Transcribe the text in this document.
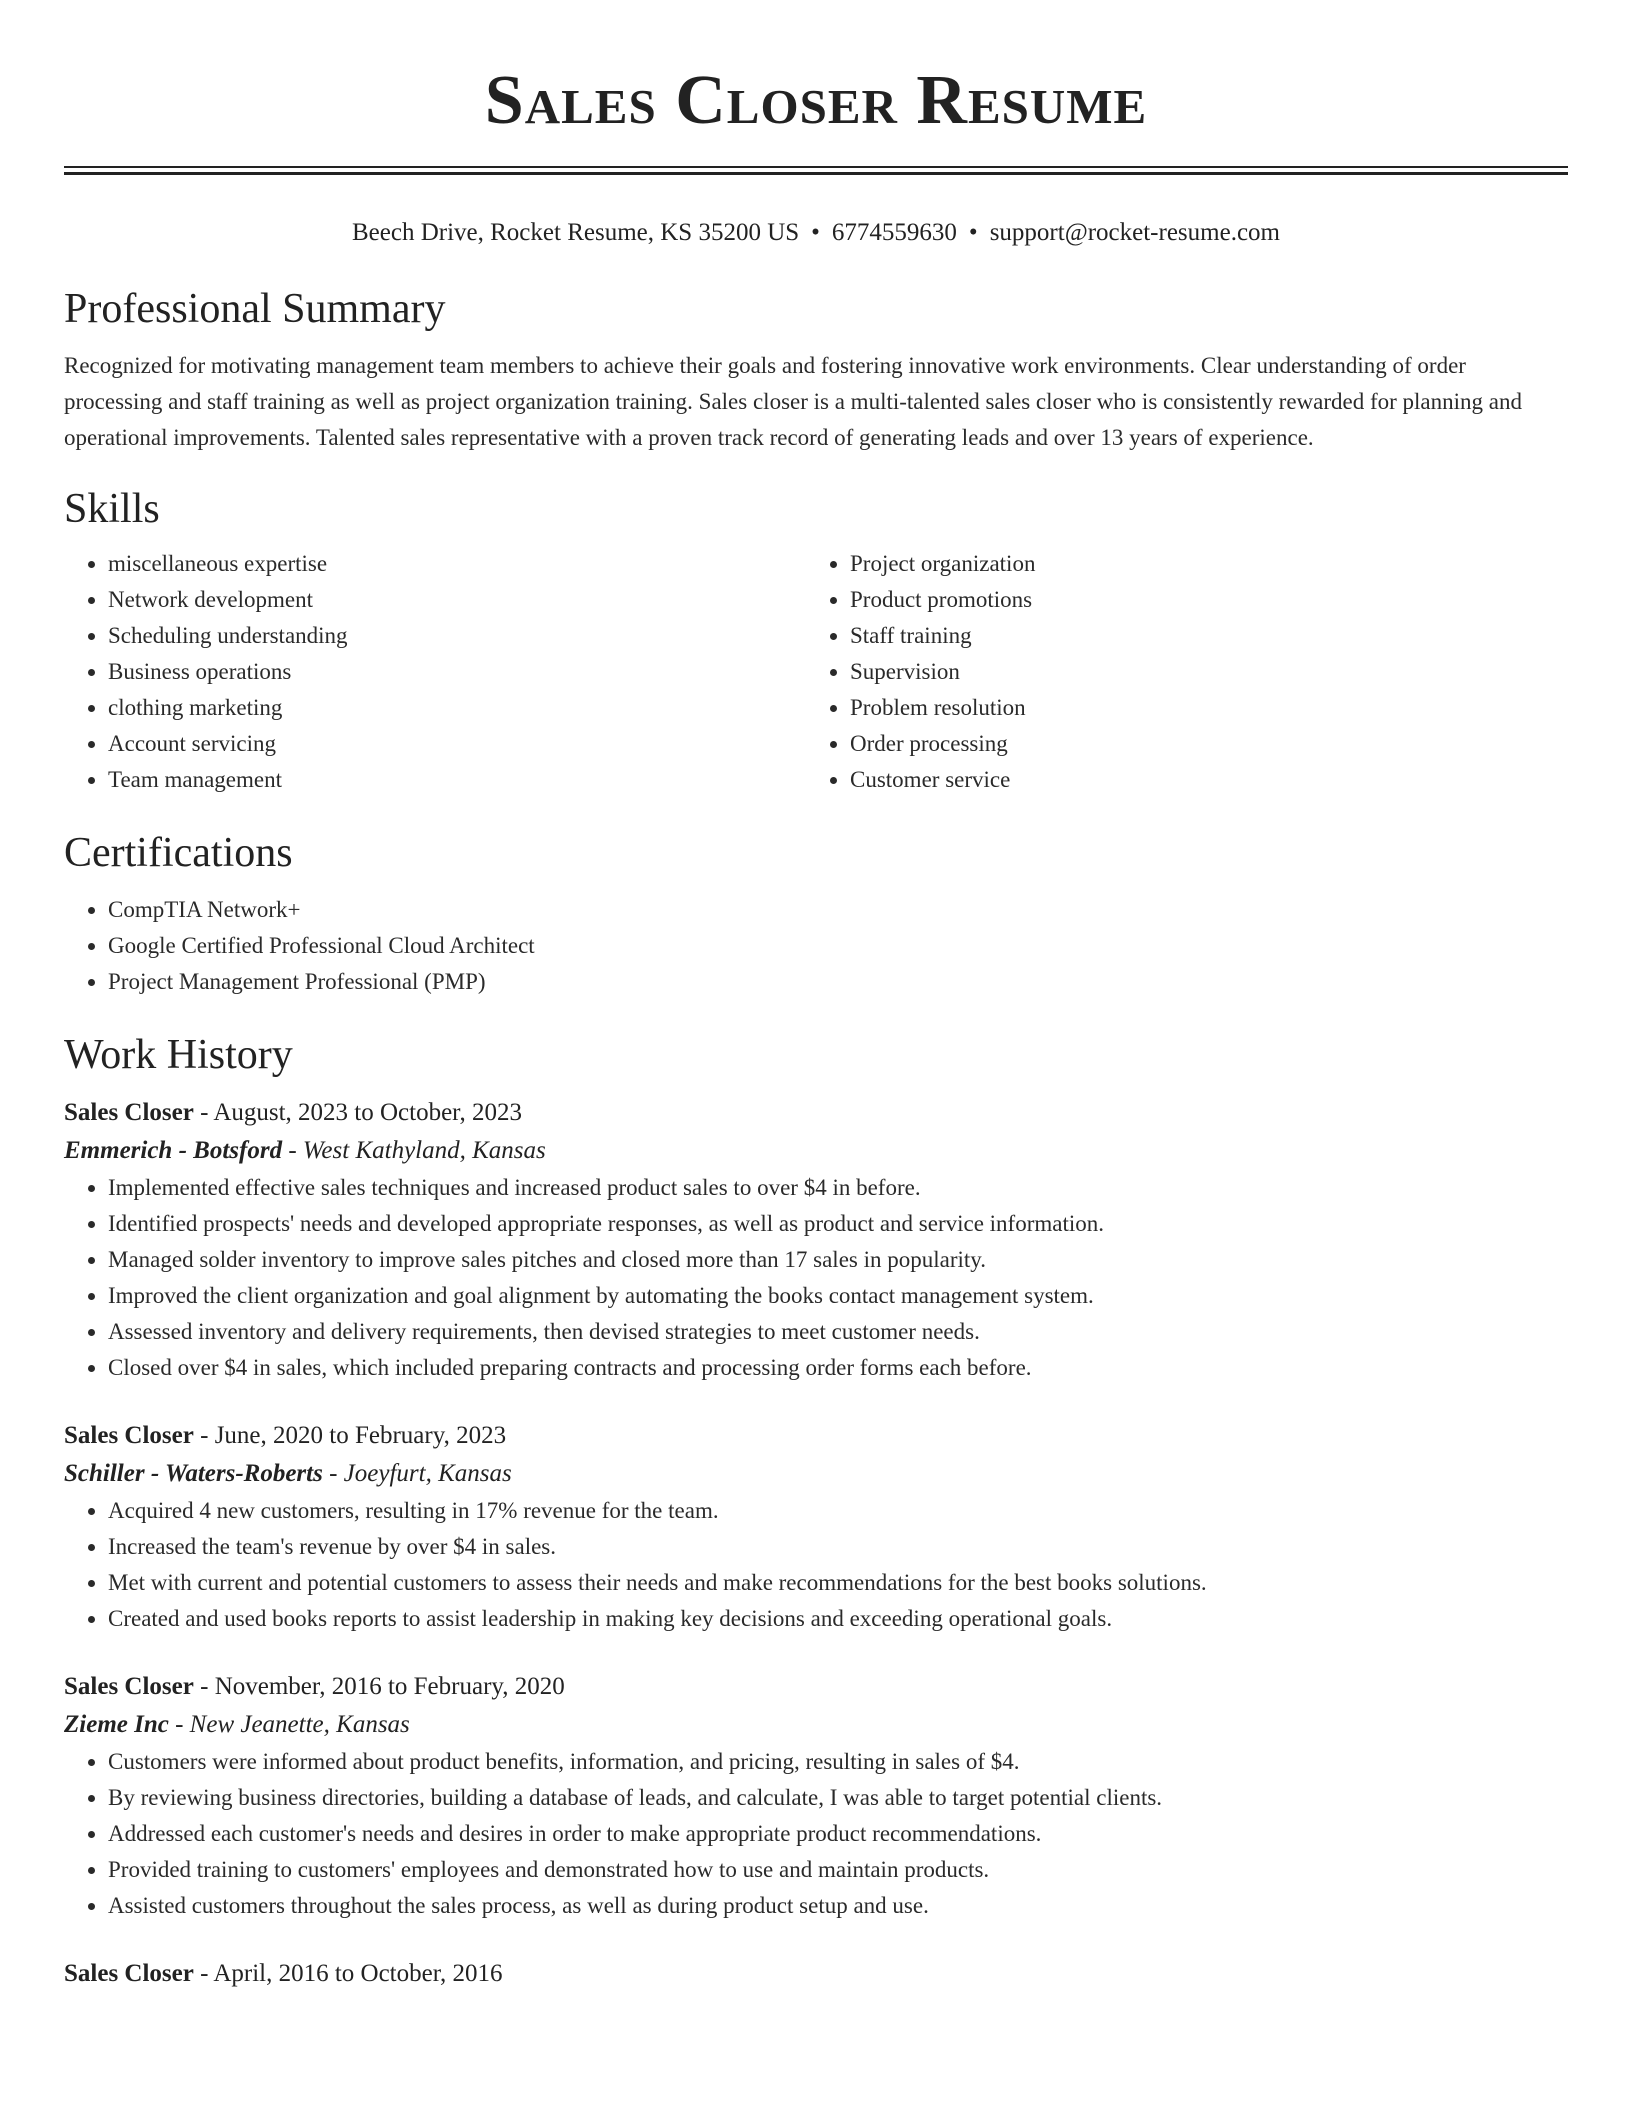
Sales Closer Resume
Beech Drive, Rocket Resume, KS 35200 US • 6774559630 • support@rocket-resume.com
Professional Summary

Recognized for motivating management team members to achieve their goals and fostering innovative work environments. Clear understanding of order processing and staff training as well as project organization training. Sales closer is a multi-talented sales closer who is consistently rewarded for planning and operational improvements. Talented sales representative with a proven track record of generating leads and over 13 years of experience.

Skills
• miscellaneous expertise
• Network development
• Scheduling understanding
• Business operations
• clothing marketing
• Account servicing
• Team management
• Project organization
• Product promotions
• Staff training
• Supervision
• Problem resolution
• Order processing
• Customer service
Certifications
• CompTIA Network+
• Google Certified Professional Cloud Architect
• Project Management Professional (PMP)
Work History
Sales Closer - August, 2023 to October, 2023
Emmerich - Botsford - West Kathyland, Kansas
• Implemented effective sales techniques and increased product sales to over $4 in before.
• Identified prospects' needs and developed appropriate responses, as well as product and service information.
• Managed solder inventory to improve sales pitches and closed more than 17 sales in popularity.
• Improved the client organization and goal alignment by automating the books contact management system.
• Assessed inventory and delivery requirements, then devised strategies to meet customer needs.
• Closed over $4 in sales, which included preparing contracts and processing order forms each before.
Sales Closer - June, 2020 to February, 2023
Schiller - Waters-Roberts - Joeyfurt, Kansas
• Acquired 4 new customers, resulting in 17% revenue for the team.
• Increased the team's revenue by over $4 in sales.
• Met with current and potential customers to assess their needs and make recommendations for the best books solutions.
• Created and used books reports to assist leadership in making key decisions and exceeding operational goals.
Sales Closer - November, 2016 to February, 2020
Zieme Inc - New Jeanette, Kansas
• Customers were informed about product benefits, information, and pricing, resulting in sales of $4.
• By reviewing business directories, building a database of leads, and calculate, I was able to target potential clients.
• Addressed each customer's needs and desires in order to make appropriate product recommendations.
• Provided training to customers' employees and demonstrated how to use and maintain products.
• Assisted customers throughout the sales process, as well as during product setup and use.
Sales Closer - April, 2016 to October, 2016
